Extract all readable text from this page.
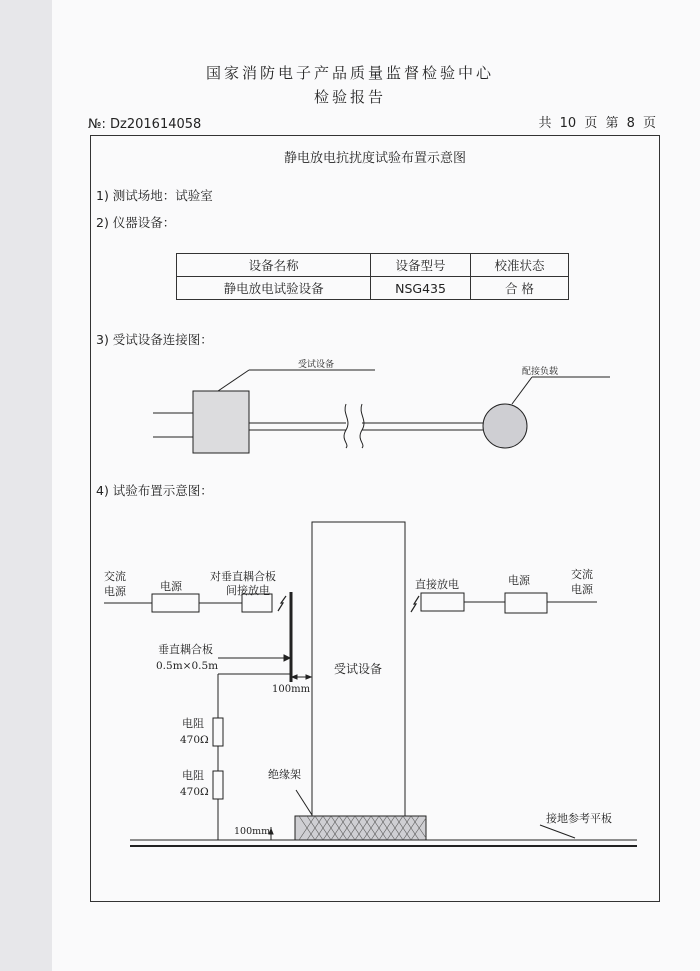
国家消防电子产品质量监督检验中心
检验报告
№: Dz201614058	共 10 页 第 8 页
静电放电抗扰度试验布置示意图
1) 测试场地：试验室
2) 仪器设备：
设备名称	设备型号	校准状态
静电放电试验设备	NSG435	合 格
3) 受试设备连接图：
4) 试验布置示意图：
受试设备
配接负载
交流
电源	电源
对垂直耦合板
间接放电	直接放电	电源	交流
电源
垂直耦合板
0.5m×0.5m
100mm
受试设备
电阻
470Ω
电阻
470Ω
绝缘架
接地参考平板
100mm
